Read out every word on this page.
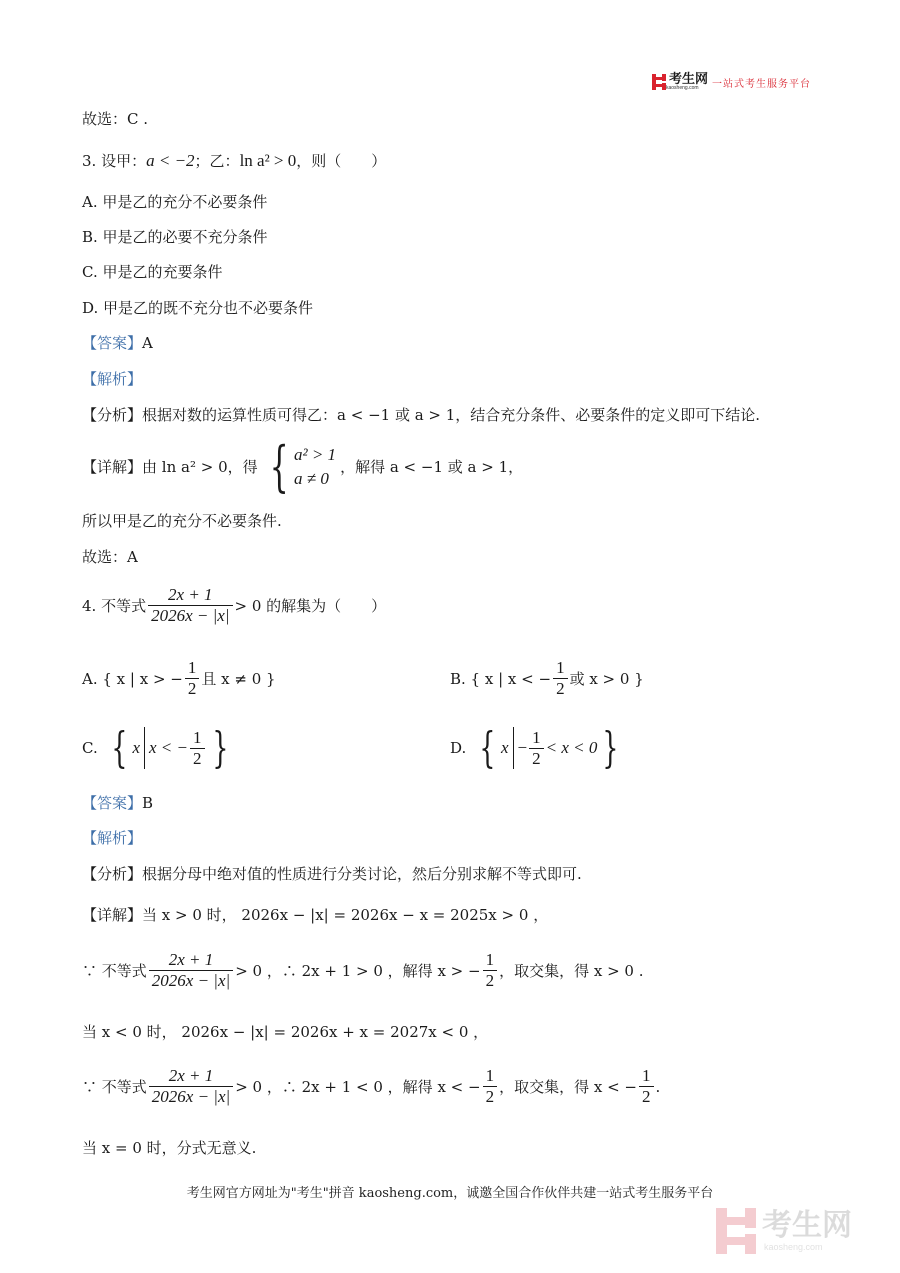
考生网
kaosheng.com	一站式考生服务平台
故选：C .
3. 设甲：a < −2；乙：ln a² > 0，则（　　）
A. 甲是乙的充分不必要条件
B. 甲是乙的必要不充分条件
C. 甲是乙的充要条件
D. 甲是乙的既不充分也不必要条件
【答案】A
【解析】
【分析】根据对数的运算性质可得乙：a < −1 或 a > 1，结合充分条件、必要条件的定义即可下结论.
【详解】 由 ln a² > 0，得 { a² > 1
a ≠ 0
，解得 a < −1 或 a > 1，
所以甲是乙的充分不必要条件.
故选：A
4. 不等式 $\frac{2x + 1}{2026x - |x|} > 0$ 的解集为（　　）
A. { x | x > − $\frac{1}{2}$ 且 x ≠ 0 }	B. { x | x < − $\frac{1}{2}$ 或 x > 0 }
C. { x x < − $\frac{1}{2}$ }	D. { $x - \frac{1}{2} < x < 0$ }
【答案】B
【解析】
【分析】根据分母中绝对值的性质进行分类讨论，然后分别求解不等式即可.
【详解】当 x > 0 时， 2026x − |x| = 2026x − x = 2025x > 0 ，
∵ 不等式 $\frac{2x + 1}{2026x - |x|} > 0$ ，∴ 2x + 1 > 0 ，解得 x > − $\frac{1}{2}$ ，取交集，得 x > 0 .
当 x < 0 时， 2026x − |x| = 2026x + x = 2027x < 0 ，
∵ 不等式 $\frac{2x + 1}{2026x - |x|} > 0$ ，∴ 2x + 1 < 0 ，解得 x < − $\frac{1}{2}$ ，取交集，得 x < − $\frac{1}{2}$ .
当 x = 0 时，分式无意义.
考生网官方网址为"考生"拼音 kaosheng.com，诚邀全国合作伙伴共建一站式考生服务平台
考生网
kaosheng.com
